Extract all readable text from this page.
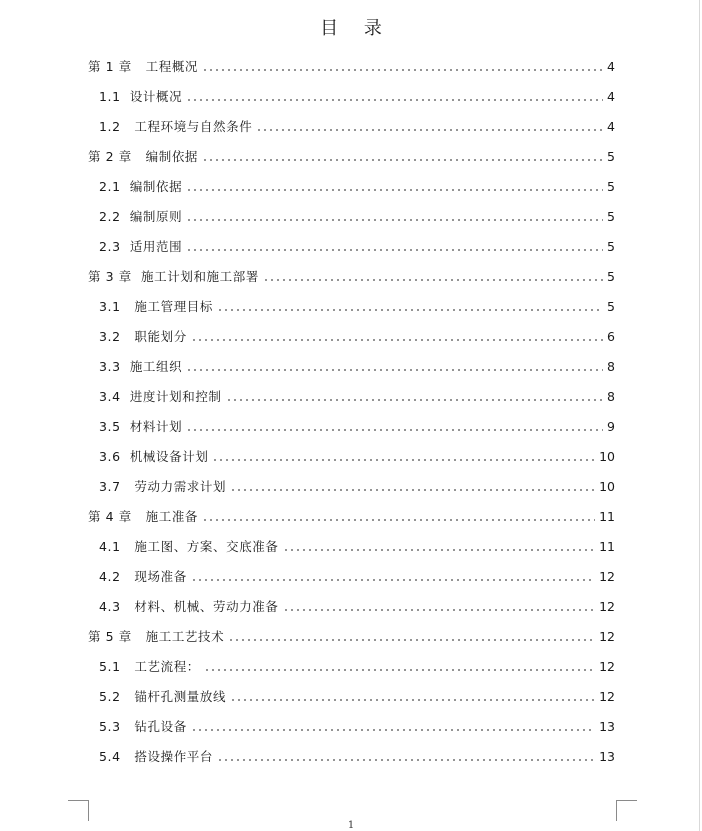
目 录
第 1 章   工程概况	4
1.1  设计概况	4
1.2   工程环境与自然条件	4
第 2 章   编制依据	5
2.1  编制依据	5
2.2  编制原则	5
2.3  适用范围	5
第 3 章  施工计划和施工部署	5
3.1   施工管理目标	5
3.2   职能划分	6
3.3  施工组织	8
3.4  进度计划和控制	8
3.5  材料计划	9
3.6  机械设备计划	10
3.7   劳动力需求计划	10
第 4 章   施工准备	11
4.1   施工图、方案、交底准备	11
4.2   现场准备	12
4.3   材料、机械、劳动力准备	12
第 5 章   施工工艺技术	12
5.1   工艺流程：	12
5.2   锚杆孔测量放线	12
5.3   钻孔设备	13
5.4   搭设操作平台	13
1
